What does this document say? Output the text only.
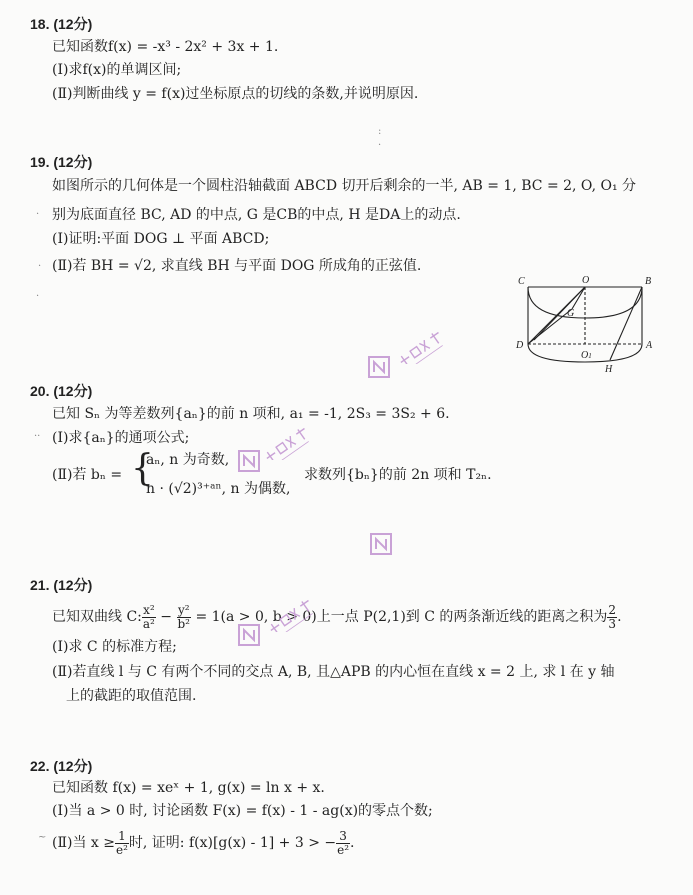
18. (12分)
已知函数f(x) = -x³ - 2x² + 3x + 1.
(Ⅰ)求f(x)的单调区间;
(Ⅱ)判断曲线 y = f(x)过坐标原点的切线的条数,并说明原因.
19. (12分)
如图所示的几何体是一个圆柱沿轴截面 ABCD 切开后剩余的一半, AB = 1, BC = 2, O, O₁ 分
别为底面直径 BC, AD 的中点, G 是CB的中点, H 是DA上的动点.
(Ⅰ)证明:平面 DOG ⊥ 平面 ABCD;
(Ⅱ)若 BH = √2, 求直线 BH 与平面 DOG 所成角的正弦值.
C	O	B
G
D
O1
A
H
20. (12分)
已知 Sₙ 为等差数列{aₙ}的前 n 项和, a₁ = -1, 2S₃ = 3S₂ + 6.
(Ⅰ)求{aₙ}的通项公式;
(Ⅱ)若 bₙ = {
aₙ, n 为奇数,
n · (√2)³⁺ᵃⁿ, n 为偶数,
求数列{bₙ}的前 2n 项和 T₂ₙ.
21. (12分)
已知双曲线 C: $\frac{\text{x²}}{\text{a²}} - \frac{\text{y²}}{\text{b²}} = 1(a > 0$, b > 0)上一点 P(2,1)到 C 的两条渐近线的距离之积为 $\frac{2}{3}$ .
(Ⅰ)求 C 的标准方程;
(Ⅱ)若直线 l 与 C 有两个不同的交点 A, B, 且△APB 的内心恒在直线 x = 2 上, 求 l 在 y 轴
上的截距的取值范围.
22. (12分)
已知函数 f(x) = xeˣ + 1, g(x) = ln x + x.
(Ⅰ)当 a > 0 时, 讨论函数 F(x) = f(x) - 1 - ag(x)的零点个数;
(Ⅱ)当 $x \ge \frac{1}{\text{e²}}$ 时, 证明: f(x)[g(x) - 1] + 3 > − $\frac{3}{\text{e²}}$ .
:
·
·
·
·
··
~
